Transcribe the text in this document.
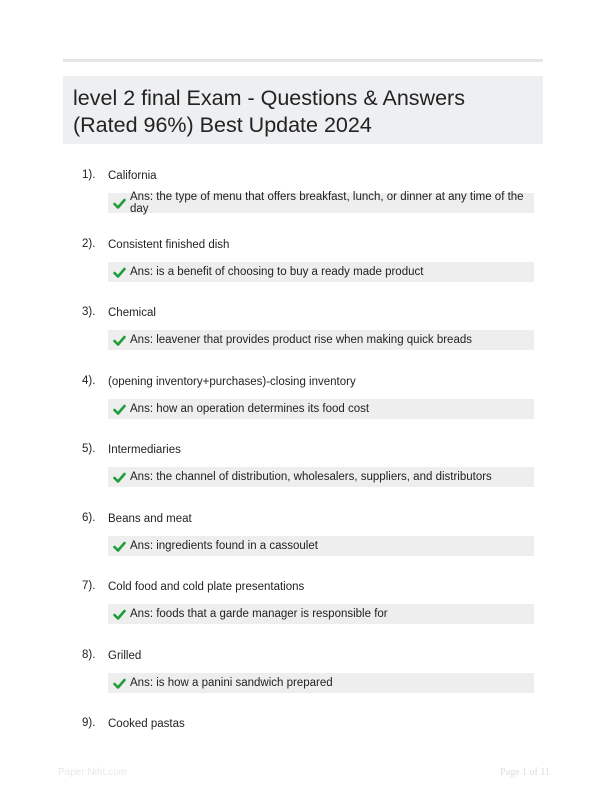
level 2 final Exam - Questions & Answers (Rated 96%) Best Update 2024
1). California
Ans: the type of menu that offers breakfast, lunch, or dinner at any time of the day
2). Consistent finished dish
Ans: is a benefit of choosing to buy a ready made product
3). Chemical
Ans: leavener that provides product rise when making quick breads
4). (opening inventory+purchases)-closing inventory
Ans: how an operation determines its food cost
5). Intermediaries
Ans: the channel of distribution, wholesalers, suppliers, and distributors
6). Beans and meat
Ans: ingredients found in a cassoulet
7). Cold food and cold plate presentations
Ans: foods that a garde manager is responsible for
8). Grilled
Ans: is how a panini sandwich prepared
9). Cooked pastas
Paper Nibt.com	Page 1 of 11
